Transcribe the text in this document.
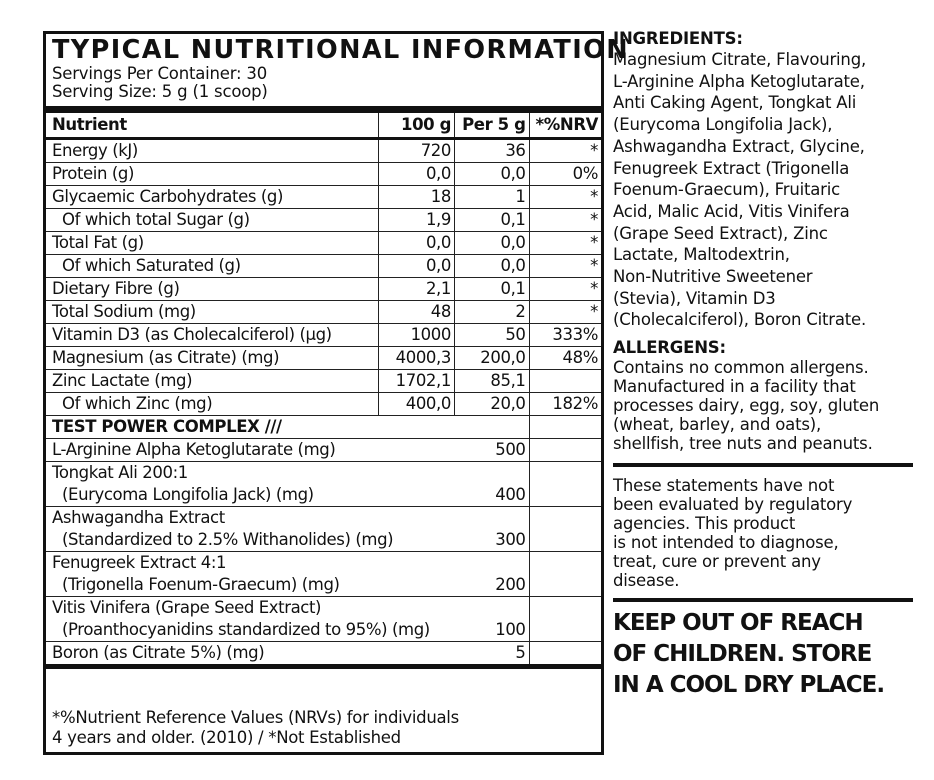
TYPICAL NUTRITIONAL INFORMATION
Servings Per Container: 30
Serving Size: 5 g (1 scoop)
Nutrient	100 g	Per 5 g	*%NRV
Energy (kJ)	720	36	*
Protein (g)	0,0	0,0	0%
Glycaemic Carbohydrates (g)	18	1	*
Of which total Sugar (g)	1,9	0,1	*
Total Fat (g)	0,0	0,0	*
Of which Saturated (g)	0,0	0,0	*
Dietary Fibre (g)	2,1	0,1	*
Total Sodium (mg)	48	2	*
Vitamin D3 (as Cholecalciferol) (µg)	1000	50	333%
Magnesium (as Citrate) (mg)	4000,3	200,0	48%
Zinc Lactate (mg)	1702,1	85,1	
Of which Zinc (mg)	400,0	20,0	182%
TEST POWER COMPLEX ///			
L-Arginine Alpha Ketoglutarate (mg)		500	
Tongkat Ali 200:1
(Eurycoma Longifolia Jack) (mg)		400	
Ashwagandha Extract
(Standardized to 2.5% Withanolides) (mg)		300	
Fenugreek Extract 4:1
(Trigonella Foenum-Graecum) (mg)		200	
Vitis Vinifera (Grape Seed Extract)
(Proanthocyanidins standardized to 95%) (mg)		100	
Boron (as Citrate 5%) (mg)		5	
*%Nutrient Reference Values (NRVs) for individuals
4 years and older. (2010) / *Not Established
INGREDIENTS:
Magnesium Citrate, Flavouring,
L-Arginine Alpha Ketoglutarate,
Anti Caking Agent, Tongkat Ali
(Eurycoma Longifolia Jack),
Ashwagandha Extract, Glycine,
Fenugreek Extract (Trigonella
Foenum-Graecum), Fruitaric
Acid, Malic Acid, Vitis Vinifera
(Grape Seed Extract), Zinc
Lactate, Maltodextrin,
Non-Nutritive Sweetener
(Stevia), Vitamin D3
(Cholecalciferol), Boron Citrate.
ALLERGENS:
Contains no common allergens.
Manufactured in a facility that
processes dairy, egg, soy, gluten
(wheat, barley, and oats),
shellfish, tree nuts and peanuts.
These statements have not
been evaluated by regulatory
agencies. This product
is not intended to diagnose,
treat, cure or prevent any
disease.
KEEP OUT OF REACH
OF CHILDREN. STORE
IN A COOL DRY PLACE.
